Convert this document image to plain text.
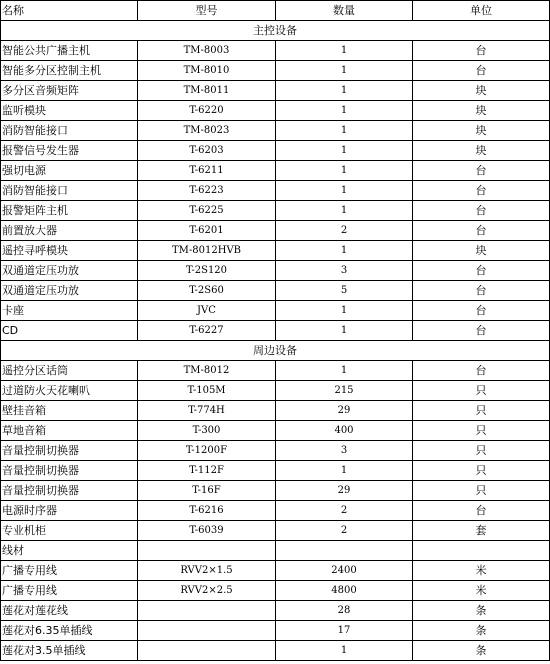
名称	型号	数量	单位
主控设备			
智能公共广播主机	TM-8003	1	台
智能多分区控制主机	TM-8010	1	台
多分区音频矩阵	TM-8011	1	块
监听模块	T-6220	1	块
消防智能接口	TM-8023	1	块
报警信号发生器	T-6203	1	块
强切电源	T-6211	1	台
消防智能接口	T-6223	1	台
报警矩阵主机	T-6225	1	台
前置放大器	T-6201	2	台
遥控寻呼模块	TM-8012HVB	1	块
双通道定压功放	T-2S120	3	台
双通道定压功放	T-2S60	5	台
卡座	JVC	1	台
CD	T-6227	1	台
周边设备			
遥控分区话筒	TM-8012	1	台
过道防火天花喇叭	T-105M	215	只
壁挂音箱	T-774H	29	只
草地音箱	T-300	400	只
音量控制切换器	T-1200F	3	只
音量控制切换器	T-112F	1	只
音量控制切换器	T-16F	29	只
电源时序器	T-6216	2	台
专业机柜	T-6039	2	套
线材			
广播专用线	RVV2×1.5	2400	米
广播专用线	RVV2×2.5	4800	米
莲花对莲花线		28	条
莲花对6.35单插线		17	条
莲花对3.5单插线		1	条
